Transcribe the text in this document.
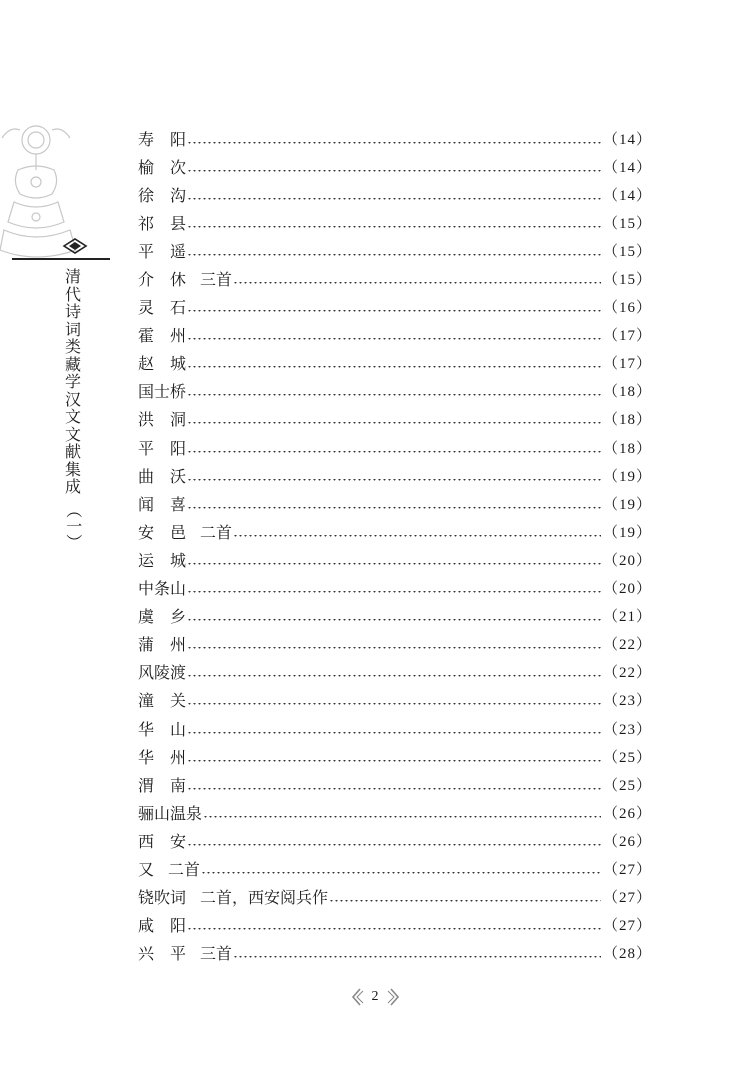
清
代
诗
词
类
藏
学
汉
文
文
献
集
成
（一）
寿　阳	（14）
榆　次	（14）
徐　沟	（14）
祁　县	（15）
平　遥	（15）
介　休 三首	（15）
灵　石	（16）
霍　州	（17）
赵　城	（17）
国士桥	（18）
洪　洞	（18）
平　阳	（18）
曲　沃	（19）
闻　喜	（19）
安　邑 二首	（19）
运　城	（20）
中条山	（20）
虞　乡	（21）
蒲　州	（22）
风陵渡	（22）
潼　关	（23）
华　山	（23）
华　州	（25）
渭　南	（25）
骊山温泉	（26）
西　安	（26）
又 二首	（27）
铙吹词 二首，西安阅兵作	（27）
咸　阳	（27）
兴　平 三首	（28）
2
